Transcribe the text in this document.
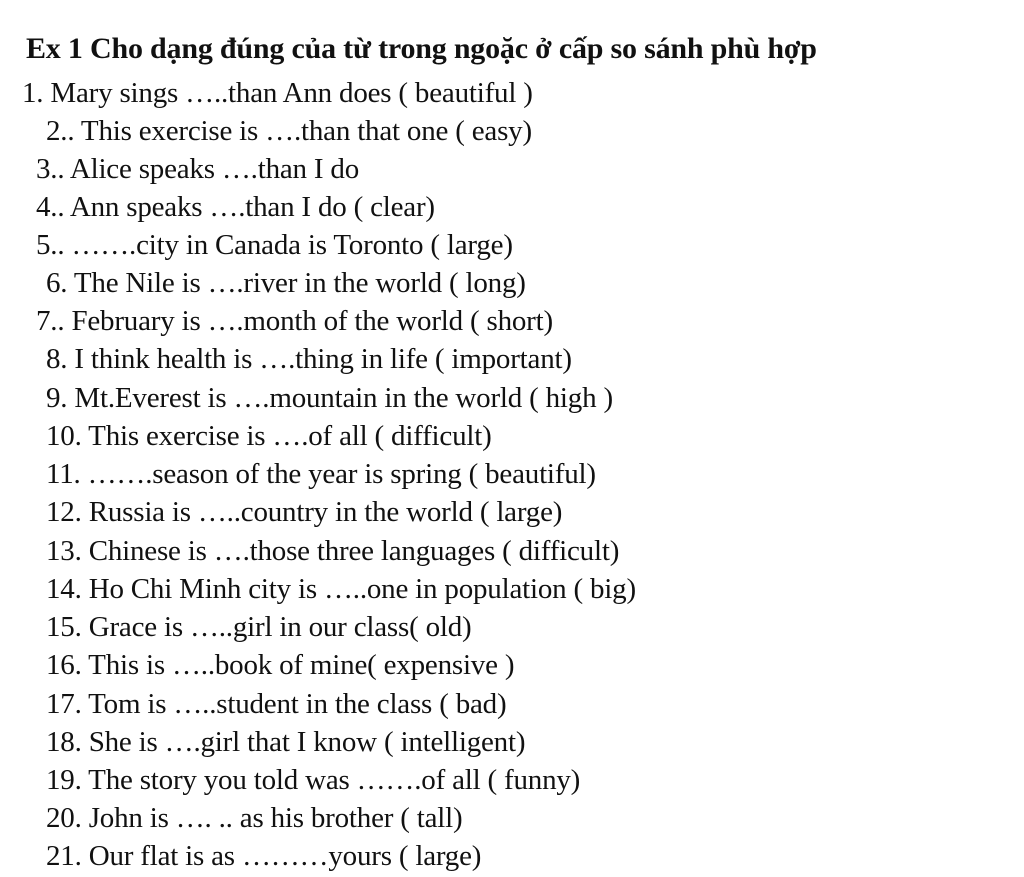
Ex 1 Cho dạng đúng của từ trong ngoặc ở cấp so sánh phù hợp
1. Mary sings …..than Ann does ( beautiful )
2.. This exercise is ….than that one ( easy)
3.. Alice speaks ….than I do
4.. Ann speaks ….than I do ( clear)
5.. …….city in Canada is Toronto ( large)
6. The Nile is ….river in the world ( long)
7.. February is ….month of the world ( short)
8. I think health is ….thing in life ( important)
9. Mt.Everest is ….mountain in the world ( high )
10. This exercise is ….of all ( difficult)
11. …….season of the year is spring ( beautiful)
12. Russia is …..country in the world ( large)
13. Chinese is ….those three languages ( difficult)
14. Ho Chi Minh city is …..one in population ( big)
15. Grace is …..girl in our class( old)
16. This is …..book of mine( expensive )
17. Tom is …..student in the class ( bad)
18. She is ….girl that I know ( intelligent)
19. The story you told was …….of all ( funny)
20. John is …. .. as his brother ( tall)
21. Our flat is as ………yours ( large)
